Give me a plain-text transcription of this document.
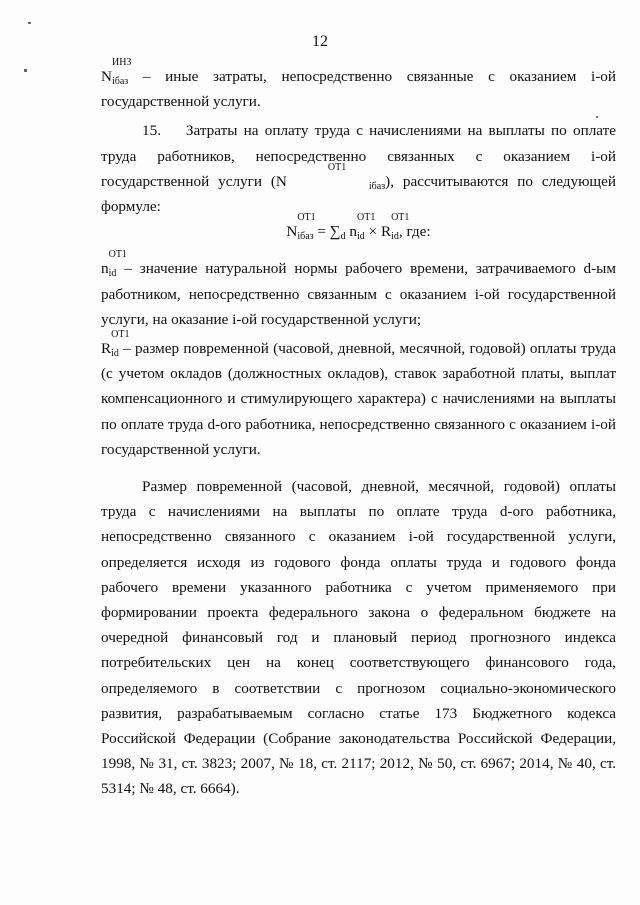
12

N
ИНЗ
iбаз – иные затраты, непосредственно связанные с оказанием i-ой государственной услуги.

15.    Затраты на оплату труда с начислениями на выплаты по оплате труда работников, непосредственно связанных с оказанием i-ой государственной услуги (N
ОТ1
iбаз), рассчитываются по следующей формуле:

N
ОТ1
iбаз = ∑d n
ОТ1
id × R
ОТ1
id, где:

n
ОТ1
id – значение натуральной нормы рабочего времени, затрачиваемого d-ым работником, непосредственно связанным с оказанием i-ой государственной услуги, на оказание i-ой государственной услуги;

R
ОТ1
id – размер повременной (часовой, дневной, месячной, годовой) оплаты труда (с учетом окладов (должностных окладов), ставок заработной платы, выплат компенсационного и стимулирующего характера) с начислениями на выплаты по оплате труда d-ого работника, непосредственно связанного с оказанием i-ой государственной услуги.

Размер повременной (часовой, дневной, месячной, годовой) оплаты труда с начислениями на выплаты по оплате труда d-ого работника, непосредственно связанного с оказанием i-ой государственной услуги, определяется исходя из годового фонда оплаты труда и годового фонда рабочего времени указанного работника с учетом применяемого при формировании проекта федерального закона о федеральном бюджете на очередной финансовый год и плановый период прогнозного индекса потребительских цен на конец соответствующего финансового года, определяемого в соответствии с прогнозом социально-экономического развития, разрабатываемым согласно статье 173 Бюджетного кодекса Российской Федерации (Собрание законодательства Российской Федерации, 1998, № 31, ст. 3823; 2007, № 18, ст. 2117; 2012, № 50, ст. 6967; 2014, № 40, ст. 5314; № 48, ст. 6664).
